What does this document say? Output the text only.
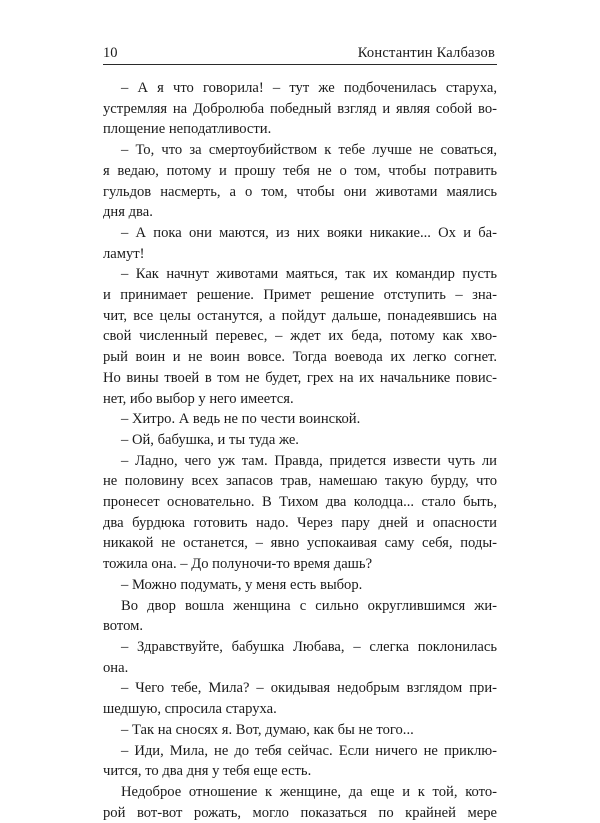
10	Константин Калбазов
– А я что говорила! – тут же подбоченилась старуха,
устремляя на Добролюба победный взгляд и являя собой во-
площение неподатливости.
– То, что за смертоубийством к тебе лучше не соваться,
я ведаю, потому и прошу тебя не о том, чтобы потравить
гульдов насмерть, а о том, чтобы они животами маялись
дня два.
– А пока они маются, из них вояки никакие... Ох и ба-
ламут!
– Как начнут животами маяться, так их командир пусть
и принимает решение. Примет решение отступить – зна-
чит, все целы останутся, а пойдут дальше, понадеявшись на
свой численный перевес, – ждет их беда, потому как хво-
рый воин и не воин вовсе. Тогда воевода их легко согнет.
Но вины твоей в том не будет, грех на их начальнике повис-
нет, ибо выбор у него имеется.
– Хитро. А ведь не по чести воинской.
– Ой, бабушка, и ты туда же.
– Ладно, чего уж там. Правда, придется извести чуть ли
не половину всех запасов трав, намешаю такую бурду, что
пронесет основательно. В Тихом два колодца... стало быть,
два бурдюка готовить надо. Через пару дней и опасности
никакой не останется, – явно успокаивая саму себя, поды-
тожила она. – До полуночи-то время дашь?
– Можно подумать, у меня есть выбор.
Во двор вошла женщина с сильно округлившимся жи-
вотом.
– Здравствуйте, бабушка Любава, – слегка поклонилась
она.
– Чего тебе, Мила? – окидывая недобрым взглядом при-
шедшую, спросила старуха.
– Так на сносях я. Вот, думаю, как бы не того...
– Иди, Мила, не до тебя сейчас. Если ничего не приклю-
чится, то два дня у тебя еще есть.
Недоброе отношение к женщине, да еще и к той, кото-
рой вот-вот рожать, могло показаться по крайней мере
